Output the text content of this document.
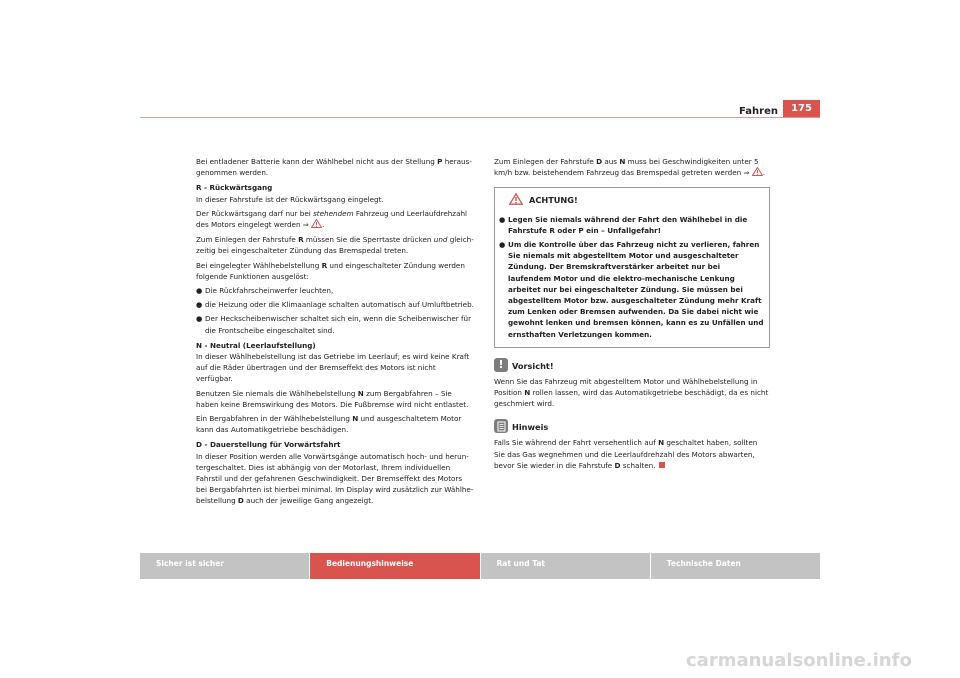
Fahren	175
Bei entladener Batterie kann der Wählhebel nicht aus der Stellung P herausgenommen werden.
R - Rückwärtsgang
In dieser Fahrstufe ist der Rückwärtsgang eingelegt.
Der Rückwärtsgang darf nur bei stehendem Fahrzeug und Leerlaufdrehzahl des Motors eingelegt werden ⇒ .
Zum Einlegen der Fahrstufe R müssen Sie die Sperrtaste drücken und gleichzeitig bei eingeschalteter Zündung das Bremspedal treten.
Bei eingelegter Wählhebelstellung R und eingeschalteter Zündung werden folgende Funktionen ausgelöst:
● Die Rückfahrscheinwerfer leuchten,
● die Heizung oder die Klimaanlage schalten automatisch auf Umluftbetrieb.
● Der Heckscheibenwischer schaltet sich ein, wenn die Scheibenwischer für die Frontscheibe eingeschaltet sind.
N - Neutral (Leerlaufstellung)
In dieser Wählhebelstellung ist das Getriebe im Leerlauf; es wird keine Kraft auf die Räder übertragen und der Bremseffekt des Motors ist nicht verfügbar.
Benutzen Sie niemals die Wählhebelstellung N zum Bergabfahren – Sie haben keine Bremswirkung des Motors. Die Fußbremse wird nicht entlastet.
Ein Bergabfahren in der Wählhebelstellung N und ausgeschaltetem Motor kann das Automatikgetriebe beschädigen.
D - Dauerstellung für Vorwärtsfahrt
In dieser Position werden alle Vorwärtsgänge automatisch hoch- und heruntergeschaltet. Dies ist abhängig von der Motorlast, Ihrem individuellen Fahrstil und der gefahrenen Geschwindigkeit. Der Bremseffekt des Motors bei Bergabfahrten ist hierbei minimal. Im Display wird zusätzlich zur Wählhebelstellung D auch der jeweilige Gang angezeigt.
Zum Einlegen der Fahrstufe D aus N muss bei Geschwindigkeiten unter 5 km/h bzw. beistehendem Fahrzeug das Bremspedal getreten werden ⇒ .
ACHTUNG!
● Legen Sie niemals während der Fahrt den Wählhebel in die Fahrstufe R oder P ein – Unfallgefahr!
● Um die Kontrolle über das Fahrzeug nicht zu verlieren, fahren Sie niemals mit abgestelltem Motor und ausgeschalteter Zündung. Der Bremskraftverstärker arbeitet nur bei laufendem Motor und die elektro-mechanische Lenkung arbeitet nur bei eingeschalteter Zündung. Sie müssen bei abgestelltem Motor bzw. ausgeschalteter Zündung mehr Kraft zum Lenken oder Bremsen aufwenden. Da Sie dabei nicht wie gewohnt lenken und bremsen können, kann es zu Unfällen und ernsthaften Verletzungen kommen.
!	Vorsicht!
Wenn Sie das Fahrzeug mit abgestelltem Motor und Wählhebelstellung in Position N rollen lassen, wird das Automatikgetriebe beschädigt, da es nicht geschmiert wird.
Hinweis
Falls Sie während der Fahrt versehentlich auf N geschaltet haben, sollten Sie das Gas wegnehmen und die Leerlaufdrehzahl des Motors abwarten, bevor Sie wieder in die Fahrstufe D schalten.
Sicher ist sicher	Bedienungshinweise	Rat und Tat	Technische Daten
carmanualsonline.info
